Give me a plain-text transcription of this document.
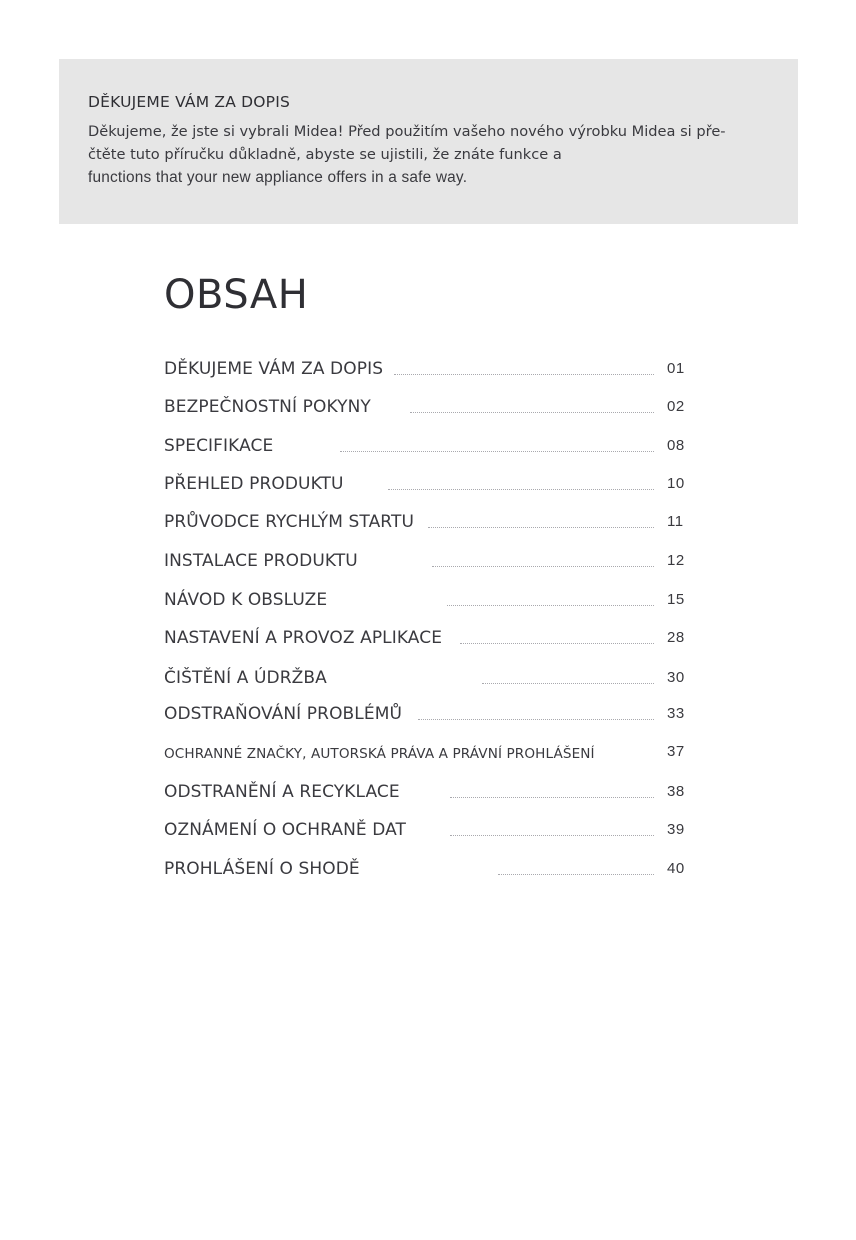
DĚKUJEME VÁM ZA DOPIS

Děkujeme, že jste si vybrali Midea! Před použitím vašeho nového výrobku Midea si pře-
čtěte tuto příručku důkladně, abyste se ujistili, že znáte funkce a
functions that your new appliance offers in a safe way.

OBSAH
DĚKUJEME VÁM ZA DOPIS	01
BEZPEČNOSTNÍ POKYNY	02
SPECIFIKACE	08
PŘEHLED PRODUKTU	10
PRŮVODCE RYCHLÝM STARTU	11
INSTALACE PRODUKTU	12
NÁVOD K OBSLUZE	15
NASTAVENÍ A PROVOZ APLIKACE	28
ČIŠTĚNÍ A ÚDRŽBA	30
ODSTRAŇOVÁNÍ PROBLÉMŮ	33
OCHRANNÉ ZNAČKY, AUTORSKÁ PRÁVA A PRÁVNÍ PROHLÁŠENÍ	37
ODSTRANĚNÍ A RECYKLACE	38
OZNÁMENÍ O OCHRANĚ DAT	39
PROHLÁŠENÍ O SHODĚ	40
